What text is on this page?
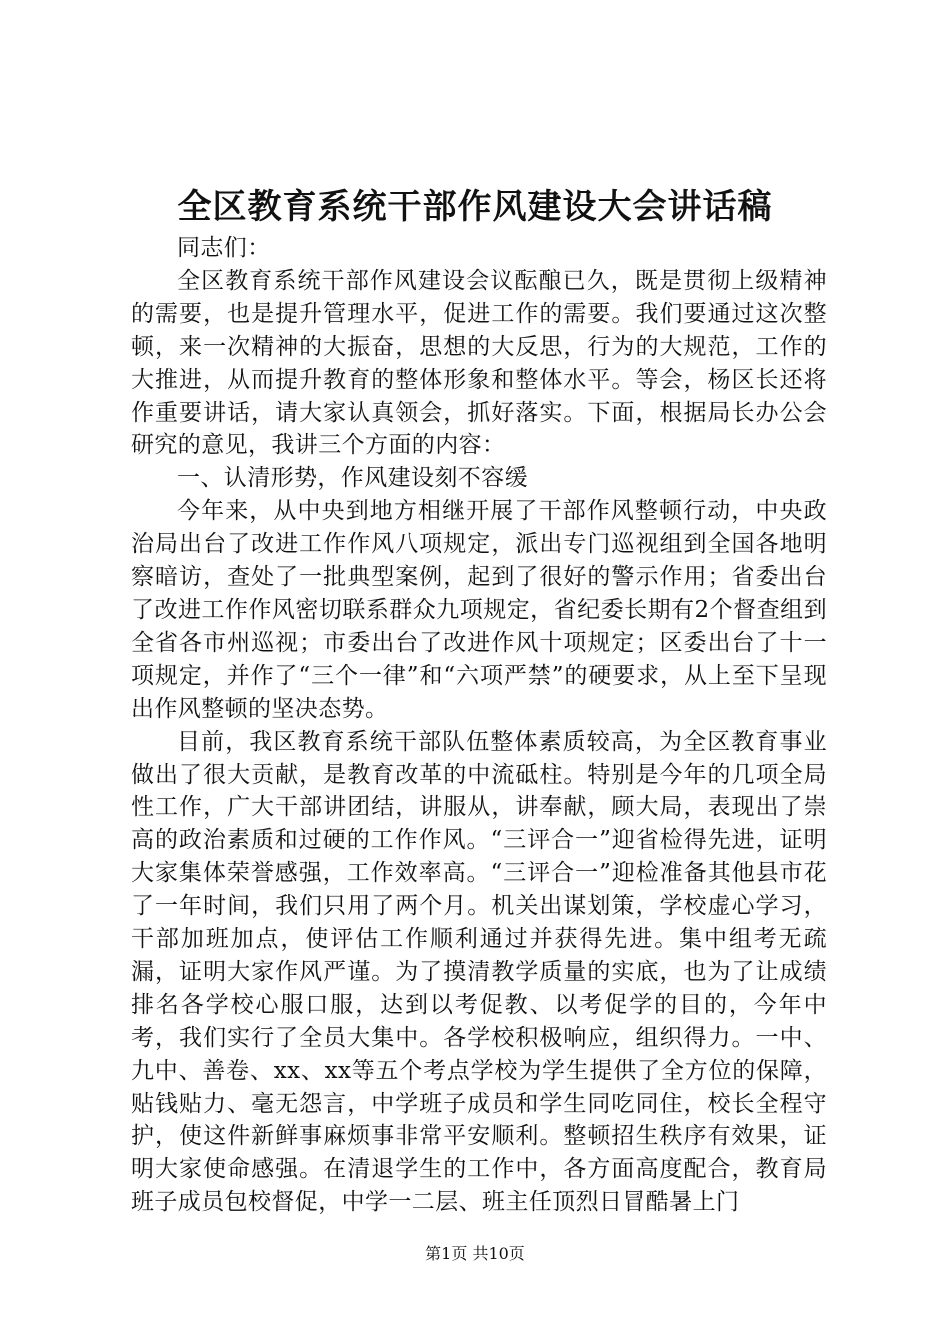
全区教育系统干部作风建设大会讲话稿

同志们：

全区教育系统干部作风建设会议酝酿已久，既是贯彻上级精神的需要，也是提升管理水平，促进工作的需要。我们要通过这次整顿，来一次精神的大振奋，思想的大反思，行为的大规范，工作的大推进，从而提升教育的整体形象和整体水平。等会，杨区长还将作重要讲话，请大家认真领会，抓好落实。下面，根据局长办公会研究的意见，我讲三个方面的内容：

一、认清形势，作风建设刻不容缓

今年来，从中央到地方相继开展了干部作风整顿行动，中央政治局出台了改进工作作风八项规定，派出专门巡视组到全国各地明察暗访，查处了一批典型案例，起到了很好的警示作用；省委出台了改进工作作风密切联系群众九项规定，省纪委长期有2个督查组到全省各市州巡视；市委出台了改进作风十项规定；区委出台了十一项规定，并作了“三个一律”和“六项严禁”的硬要求，从上至下呈现出作风整顿的坚决态势。

目前，我区教育系统干部队伍整体素质较高，为全区教育事业做出了很大贡献，是教育改革的中流砥柱。特别是今年的几项全局性工作，广大干部讲团结，讲服从，讲奉献，顾大局，表现出了崇高的政治素质和过硬的工作作风。“三评合一”迎省检得先进，证明大家集体荣誉感强，工作效率高。“三评合一”迎检准备其他县市花了一年时间，我们只用了两个月。机关出谋划策，学校虚心学习，干部加班加点，使评估工作顺利通过并获得先进。集中组考无疏漏，证明大家作风严谨。为了摸清教学质量的实底，也为了让成绩排名各学校心服口服，达到以考促教、以考促学的目的，今年中考，我们实行了全员大集中。各学校积极响应，组织得力。一中、九中、善卷、xx、xx等五个考点学校为学生提供了全方位的保障，贴钱贴力、毫无怨言，中学班子成员和学生同吃同住，校长全程守护，使这件新鲜事麻烦事非常平安顺利。整顿招生秩序有效果，证明大家使命感强。在清退学生的工作中，各方面高度配合，教育局班子成员包校督促，中学一二层、班主任顶烈日冒酷暑上门

第1页 共10页
